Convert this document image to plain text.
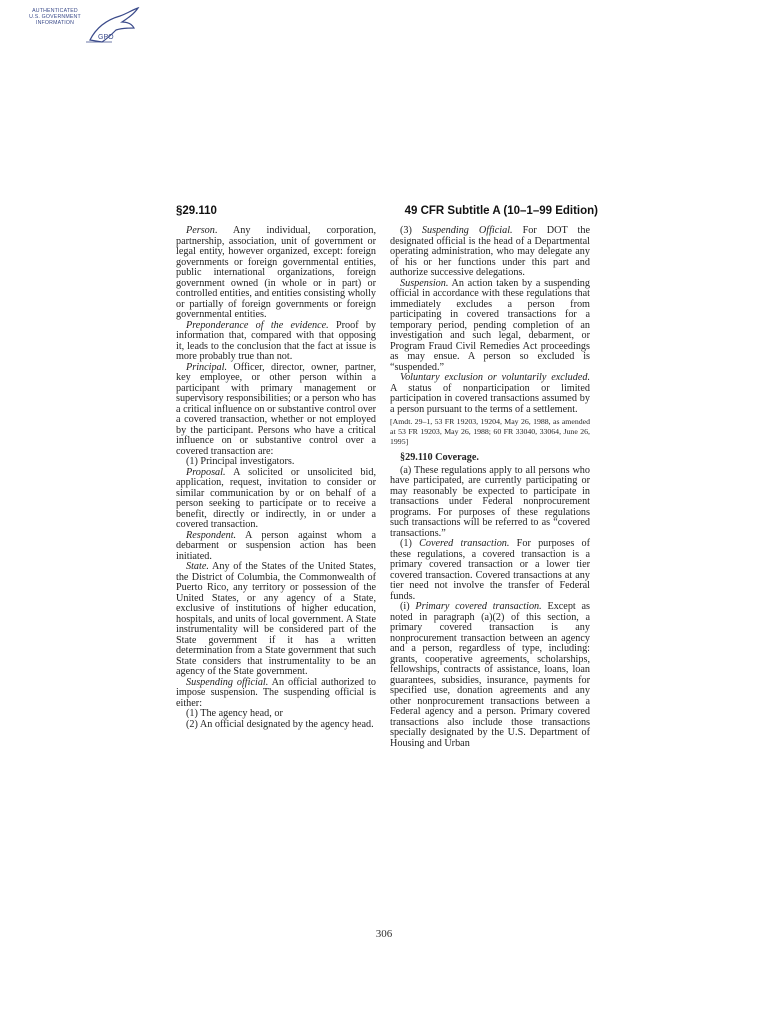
AUTHENTICATED
U.S. GOVERNMENT
INFORMATION
GPO
§29.110	49 CFR Subtitle A (10–1–99 Edition)

Person. Any individual, corporation, partnership, association, unit of government or legal entity, however organized, except: foreign governments or foreign governmental entities, public international organizations, foreign government owned (in whole or in part) or controlled entities, and entities consisting wholly or partially of foreign governments or foreign governmental entities.

Preponderance of the evidence. Proof by information that, compared with that opposing it, leads to the conclusion that the fact at issue is more probably true than not.

Principal. Officer, director, owner, partner, key employee, or other person within a participant with primary management or supervisory responsibilities; or a person who has a critical influence on or substantive control over a covered transaction, whether or not employed by the participant. Persons who have a critical influence on or substantive control over a covered transaction are:

(1) Principal investigators.

Proposal. A solicited or unsolicited bid, application, request, invitation to consider or similar communication by or on behalf of a person seeking to participate or to receive a benefit, directly or indirectly, in or under a covered transaction.

Respondent. A person against whom a debarment or suspension action has been initiated.

State. Any of the States of the United States, the District of Columbia, the Commonwealth of Puerto Rico, any territory or possession of the United States, or any agency of a State, exclusive of institutions of higher education, hospitals, and units of local government. A State instrumentality will be considered part of the State government if it has a written determination from a State government that such State considers that instrumentality to be an agency of the State government.

Suspending official. An official authorized to impose suspension. The suspending official is either:

(1) The agency head, or

(2) An official designated by the agency head.

(3) Suspending Official. For DOT the designated official is the head of a Departmental operating administration, who may delegate any of his or her functions under this part and authorize successive delegations.

Suspension. An action taken by a suspending official in accordance with these regulations that immediately excludes a person from participating in covered transactions for a temporary period, pending completion of an investigation and such legal, debarment, or Program Fraud Civil Remedies Act proceedings as may ensue. A person so excluded is “suspended.”

Voluntary exclusion or voluntarily excluded. A status of nonparticipation or limited participation in covered transactions assumed by a person pursuant to the terms of a settlement.

[Amdt. 29–1, 53 FR 19203, 19204, May 26, 1988, as amended at 53 FR 19203, May 26, 1988; 60 FR 33040, 33064, June 26, 1995]

§29.110 Coverage.

(a) These regulations apply to all persons who have participated, are currently participating or may reasonably be expected to participate in transactions under Federal nonprocurement programs. For purposes of these regulations such transactions will be referred to as “covered transactions.”

(1) Covered transaction. For purposes of these regulations, a covered transaction is a primary covered transaction or a lower tier covered transaction. Covered transactions at any tier need not involve the transfer of Federal funds.

(i) Primary covered transaction. Except as noted in paragraph (a)(2) of this section, a primary covered transaction is any nonprocurement transaction between an agency and a person, regardless of type, including: grants, cooperative agreements, scholarships, fellowships, contracts of assistance, loans, loan guarantees, subsidies, insurance, payments for specified use, donation agreements and any other nonprocurement transactions between a Federal agency and a person. Primary covered transactions also include those transactions specially designated by the U.S. Department of Housing and Urban

306
